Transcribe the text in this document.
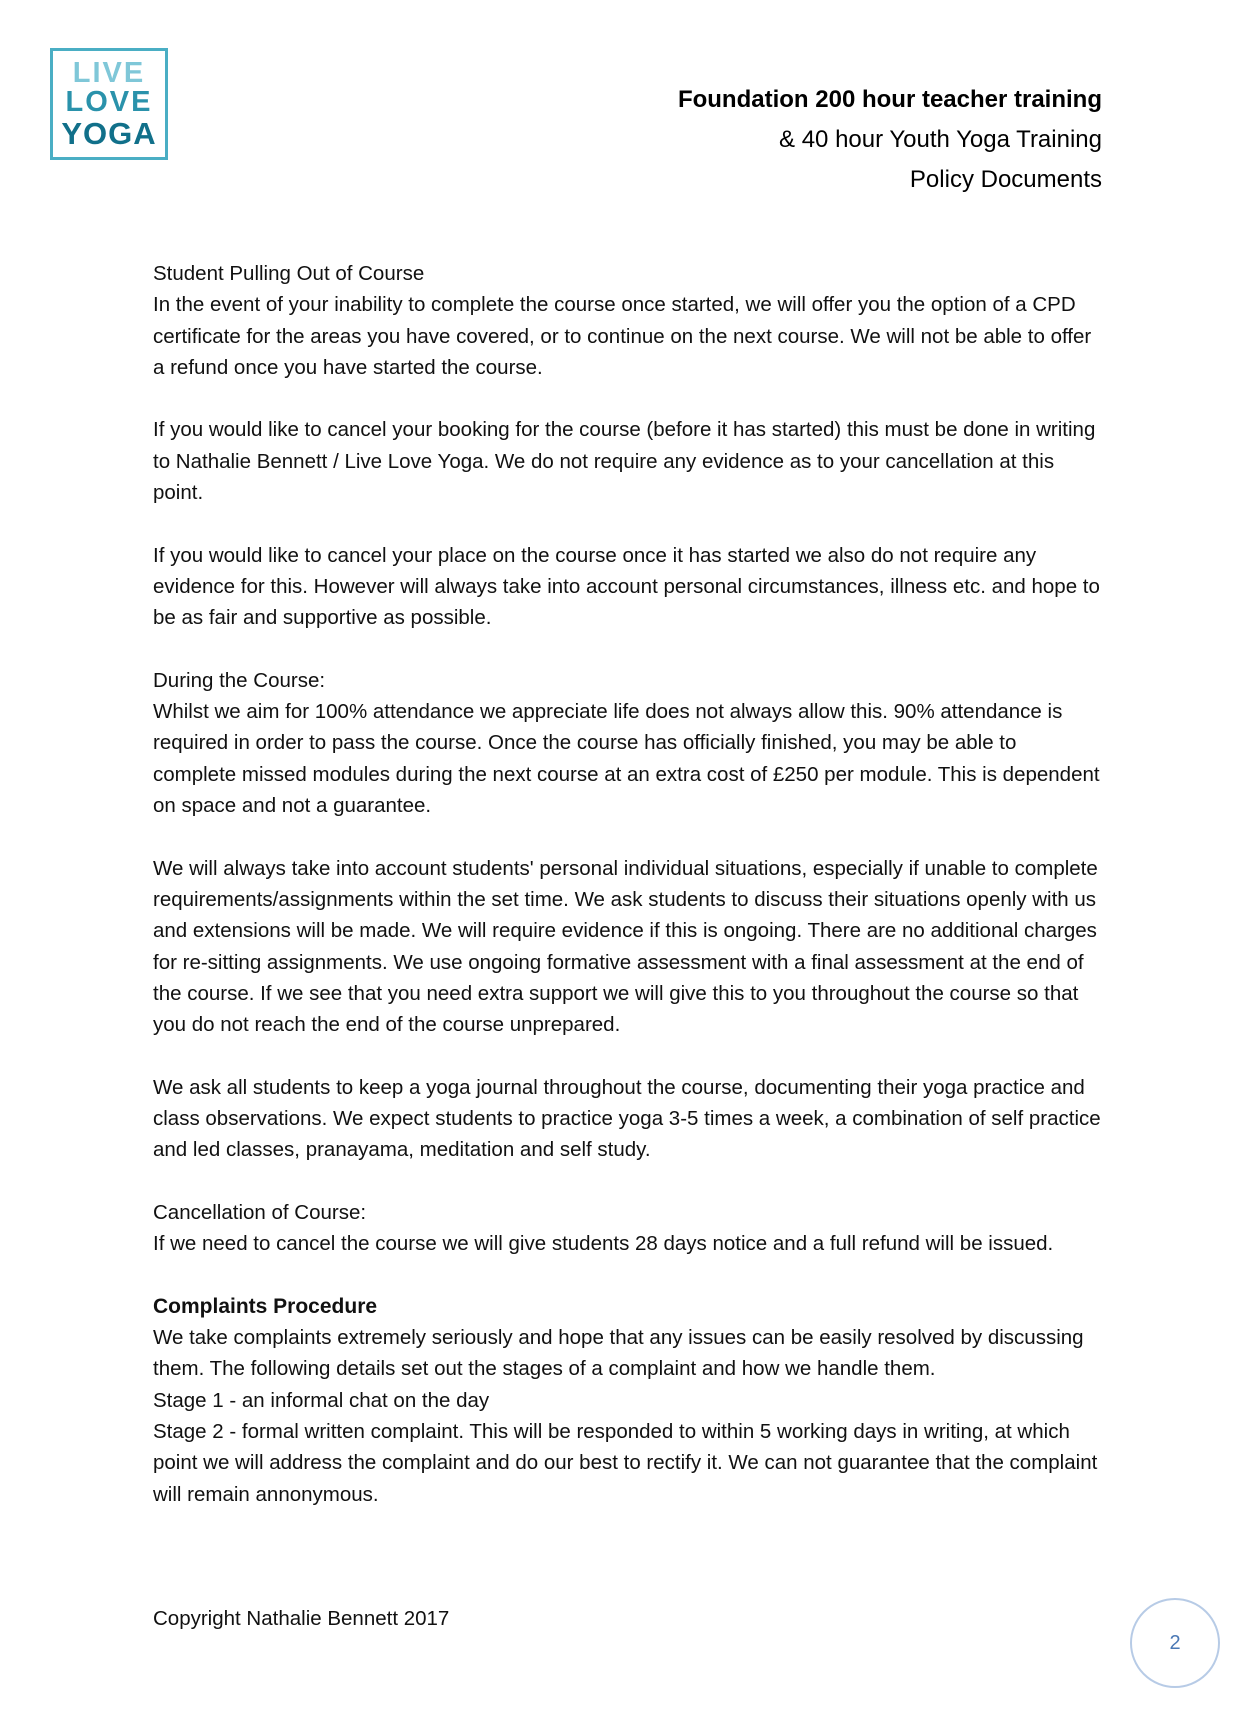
LIVE
LOVE
YOGA
Foundation 200 hour teacher training
& 40 hour Youth Yoga Training
Policy Documents

Student Pulling Out of Course
In the event of your inability to complete the course once started, we will offer you the option of a CPD certificate for the areas you have covered, or to continue on the next course. We will not be able to offer a refund once you have started the course.

If you would like to cancel your booking for the course (before it has started) this must be done in writing to Nathalie Bennett / Live Love Yoga. We do not require any evidence as to your cancellation at this point.

If you would like to cancel your place on the course once it has started we also do not require any evidence for this. However will always take into account personal circumstances, illness etc. and hope to be as fair and supportive as possible.

During the Course:
Whilst we aim for 100% attendance we appreciate life does not always allow this. 90% attendance is required in order to pass the course. Once the course has officially finished, you may be able to complete missed modules during the next course at an extra cost of £250 per module. This is dependent on space and not a guarantee.

We will always take into account students' personal individual situations, especially if unable to complete requirements/assignments within the set time. We ask students to discuss their situations openly with us and extensions will be made. We will require evidence if this is ongoing. There are no additional charges for re-sitting assignments. We use ongoing formative assessment with a final assessment at the end of the course. If we see that you need extra support we will give this to you throughout the course so that you do not reach the end of the course unprepared.

We ask all students to keep a yoga journal throughout the course, documenting their yoga practice and class observations. We expect students to practice yoga 3-5 times a week, a combination of self practice and led classes, pranayama, meditation and self study.

Cancellation of Course:
If we need to cancel the course we will give students 28 days notice and a full refund will be issued.

Complaints Procedure
We take complaints extremely seriously and hope that any issues can be easily resolved by discussing them. The following details set out the stages of a complaint and how we handle them.
Stage 1 - an informal chat on the day
Stage 2 - formal written complaint. This will be responded to within 5 working days in writing, at which point we will address the complaint and do our best to rectify it. We can not guarantee that the complaint will remain annonymous.

Copyright Nathalie Bennett 2017
2
